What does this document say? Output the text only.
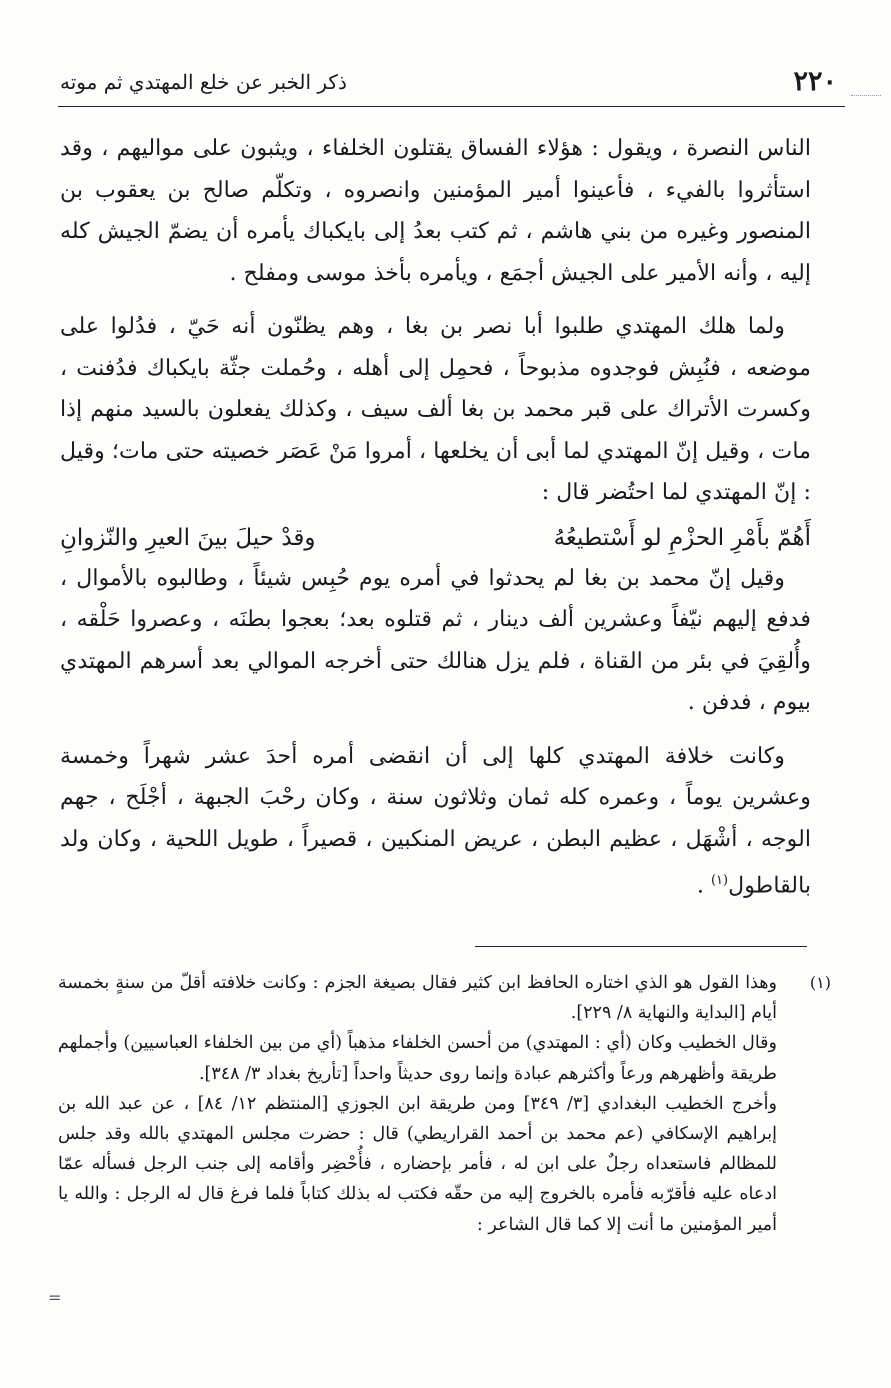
٢٢٠
ذكر الخبر عن خلع المهتدي ثم موته

الناس النصرة ، ويقول : هؤلاء الفساق يقتلون الخلفاء ، ويثبون على مواليهم ، وقد استأثروا بالفيء ، فأعينوا أمير المؤمنين وانصروه ، وتكلّم صالح بن يعقوب بن المنصور وغيره من بني هاشم ، ثم كتب بعدُ إلى بايكباك يأمره أن يضمّ الجيش كله إليه ، وأنه الأمير على الجيش أجمَع ، ويأمره بأخذ موسى ومفلح .

ولما هلك المهتدي طلبوا أبا نصر بن بغا ، وهم يظنّون أنه حَيّ ، فدُلوا على موضعه ، فنُبِش فوجدوه مذبوحاً ، فحمِل إلى أهله ، وحُملت جثّة بايكباك فدُفنت ، وكسرت الأتراك على قبر محمد بن بغا ألف سيف ، وكذلك يفعلون بالسيد منهم إذا مات ، وقيل إنّ المهتدي لما أبى أن يخلعها ، أمروا مَنْ عَصَر خصيته حتى مات؛ وقيل : إنّ المهتدي لما احتُضر قال :

أَهُمّ بأَمْرِ الحزْمِ لو أَسْتطيعُهُ
وقدْ حيلَ بينَ العيرِ والنّزوانِ

وقيل إنّ محمد بن بغا لم يحدثوا في أمره يوم حُبِس شيئاً ، وطالبوه بالأموال ، فدفع إليهم نيّفاً وعشرين ألف دينار ، ثم قتلوه بعد؛ بعجوا بطنَه ، وعصروا حَلْقه ، وأُلقِيَ في بئر من القناة ، فلم يزل هنالك حتى أخرجه الموالي بعد أسرهم المهتدي بيوم ، فدفن .

وكانت خلافة المهتدي كلها إلى أن انقضى أمره أحدَ عشر شهراً وخمسة وعشرين يوماً ، وعمره كله ثمان وثلاثون سنة ، وكان رحْبَ الجبهة ، أجْلَح ، جهم الوجه ، أشْهَل ، عظيم البطن ، عريض المنكبين ، قصيراً ، طويل اللحية ، وكان ولد بالقاطول$^{(١)}$ .

(١)
وهذا القول هو الذي اختاره الحافظ ابن كثير فقال بصيغة الجزم : وكانت خلافته أقلّ من سنةٍ بخمسة أيام [البداية والنهاية ٨/ ٢٢٩].

وقال الخطيب وكان (أي : المهتدي) من أحسن الخلفاء مذهباً (أي من بين الخلفاء العباسيين) وأجملهم طريقة وأظهرهم ورعاً وأكثرهم عبادة وإنما روى حديثاً واحداً [تأريخ بغداد ٣/ ٣٤٨].

وأخرج الخطيب البغدادي [٣/ ٣٤٩] ومن طريقة ابن الجوزي [المنتظم ١٢/ ٨٤] ، عن عبد الله بن إبراهيم الإسكافي (عم محمد بن أحمد القراريطي) قال : حضرت مجلس المهتدي بالله وقد جلس للمظالم فاستعداه رجلٌ على ابن له ، فأمر بإحضاره ، فأُحْضِر وأقامه إلى جنب الرجل فسأله عمّا ادعاه عليه فأقرّبه فأمره بالخروج إليه من حقّه فكتب له بذلك كتاباً فلما فرغ قال له الرجل : والله يا أمير المؤمنين ما أنت إلا كما قال الشاعر :

=
